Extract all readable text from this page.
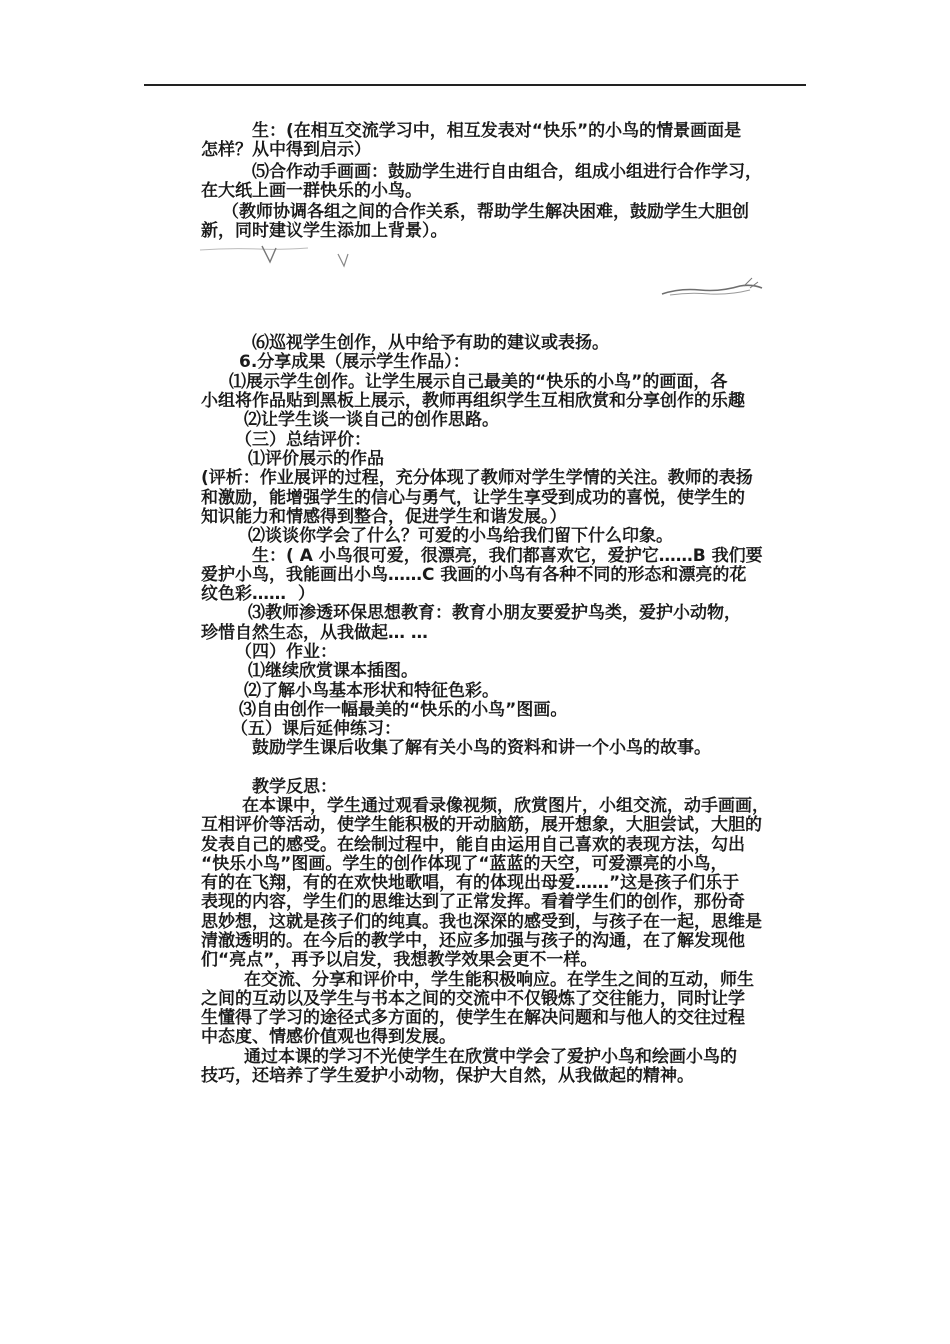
生：(在相互交流学习中，相互发表对“快乐”的小鸟的情景画面是
怎样？从中得到启示）
⑸合作动手画画：鼓励学生进行自由组合，组成小组进行合作学习，
在大纸上画一群快乐的小鸟。
（教师协调各组之间的合作关系，帮助学生解决困难，鼓励学生大胆创
新，同时建议学生添加上背景）。
⑹巡视学生创作，从中给予有助的建议或表扬。
6.分享成果（展示学生作品）：
⑴展示学生创作。让学生展示自己最美的“快乐的小鸟”的画面，各
小组将作品贴到黑板上展示，教师再组织学生互相欣赏和分享创作的乐趣
⑵让学生谈一谈自己的创作思路。
（三）总结评价：
⑴评价展示的作品
(评析：作业展评的过程，充分体现了教师对学生学情的关注。教师的表扬
和激励，能增强学生的信心与勇气，让学生享受到成功的喜悦，使学生的
知识能力和情感得到整合，促进学生和谐发展。）
⑵谈谈你学会了什么？可爱的小鸟给我们留下什么印象。
生：( A 小鸟很可爱，很漂亮，我们都喜欢它，爱护它……B 我们要
爱护小鸟，我能画出小鸟……C 我画的小鸟有各种不同的形态和漂亮的花
纹色彩……  ）
⑶教师渗透环保思想教育：教育小朋友要爱护鸟类，爱护小动物，
珍惜自然生态，从我做起… …
（四）作业：
⑴继续欣赏课本插图。
⑵了解小鸟基本形状和特征色彩。
⑶自由创作一幅最美的“快乐的小鸟”图画。
（五）课后延伸练习：
鼓励学生课后收集了解有关小鸟的资料和讲一个小鸟的故事。
教学反思：
在本课中，学生通过观看录像视频，欣赏图片，小组交流，动手画画，
互相评价等活动，使学生能积极的开动脑筋，展开想象，大胆尝试，大胆的
发表自己的感受。在绘制过程中，能自由运用自己喜欢的表现方法，勾出
“快乐小鸟”图画。学生的创作体现了“蓝蓝的天空，可爱漂亮的小鸟，
有的在飞翔，有的在欢快地歌唱，有的体现出母爱……”这是孩子们乐于
表现的内容，学生们的思维达到了正常发挥。看着学生们的创作，那份奇
思妙想，这就是孩子们的纯真。我也深深的感受到，与孩子在一起，思维是
清澈透明的。在今后的教学中，还应多加强与孩子的沟通，在了解发现他
们“亮点”，再予以启发，我想教学效果会更不一样。
在交流、分享和评价中，学生能积极响应。在学生之间的互动，师生
之间的互动以及学生与书本之间的交流中不仅锻炼了交往能力，同时让学
生懂得了学习的途径式多方面的，使学生在解决问题和与他人的交往过程
中态度、情感价值观也得到发展。
通过本课的学习不光使学生在欣赏中学会了爱护小鸟和绘画小鸟的
技巧，还培养了学生爱护小动物，保护大自然，从我做起的精神。
